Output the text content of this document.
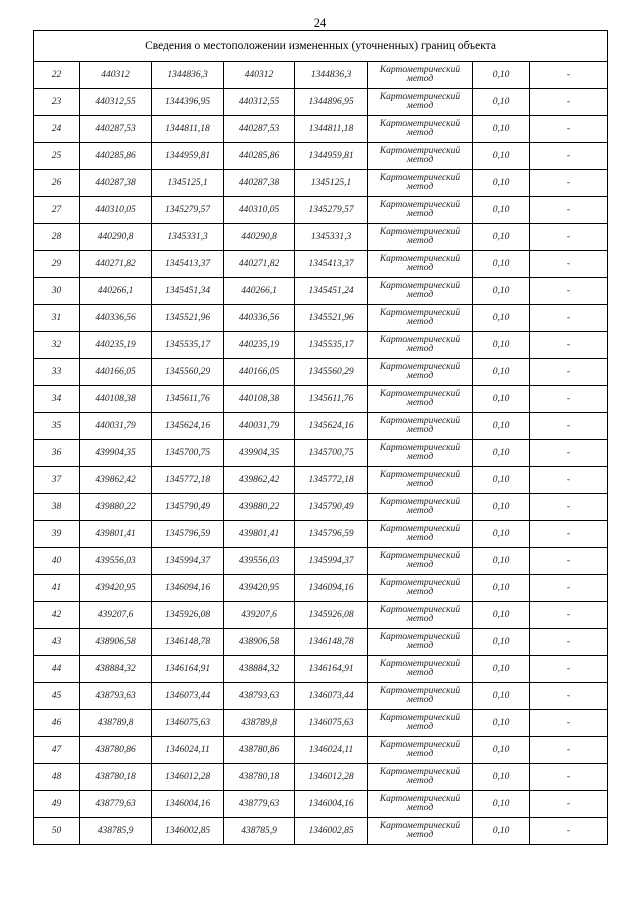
24
Сведения о местоположении измененных (уточненных) границ объекта							
22	440312	1344836,3	440312	1344836,3	Картометрический метод	0,10	-
23	440312,55	1344396,95	440312,55	1344896,95	Картометрический метод	0,10	-
24	440287,53	1344811,18	440287,53	1344811,18	Картометрический метод	0,10	-
25	440285,86	1344959,81	440285,86	1344959,81	Картометрический метод	0,10	-
26	440287,38	1345125,1	440287,38	1345125,1	Картометрический метод	0,10	-
27	440310,05	1345279,57	440310,05	1345279,57	Картометрический метод	0,10	-
28	440290,8	1345331,3	440290,8	1345331,3	Картометрический метод	0,10	-
29	440271,82	1345413,37	440271,82	1345413,37	Картометрический метод	0,10	-
30	440266,1	1345451,34	440266,1	1345451,24	Картометрический метод	0,10	-
31	440336,56	1345521,96	440336,56	1345521,96	Картометрический метод	0,10	-
32	440235,19	1345535,17	440235,19	1345535,17	Картометрический метод	0,10	-
33	440166,05	1345560,29	440166,05	1345560,29	Картометрический метод	0,10	-
34	440108,38	1345611,76	440108,38	1345611,76	Картометрический метод	0,10	-
35	440031,79	1345624,16	440031,79	1345624,16	Картометрический метод	0,10	-
36	439904,35	1345700,75	439904,35	1345700,75	Картометрический метод	0,10	-
37	439862,42	1345772,18	439862,42	1345772,18	Картометрический метод	0,10	-
38	439880,22	1345790,49	439880,22	1345790,49	Картометрический метод	0,10	-
39	439801,41	1345796,59	439801,41	1345796,59	Картометрический метод	0,10	-
40	439556,03	1345994,37	439556,03	1345994,37	Картометрический метод	0,10	-
41	439420,95	1346094,16	439420,95	1346094,16	Картометрический метод	0,10	-
42	439207,6	1345926,08	439207,6	1345926,08	Картометрический метод	0,10	-
43	438906,58	1346148,78	438906,58	1346148,78	Картометрический метод	0,10	-
44	438884,32	1346164,91	438884,32	1346164,91	Картометрический метод	0,10	-
45	438793,63	1346073,44	438793,63	1346073,44	Картометрический метод	0,10	-
46	438789,8	1346075,63	438789,8	1346075,63	Картометрический метод	0,10	-
47	438780,86	1346024,11	438780,86	1346024,11	Картометрический метод	0,10	-
48	438780,18	1346012,28	438780,18	1346012,28	Картометрический метод	0,10	-
49	438779,63	1346004,16	438779,63	1346004,16	Картометрический метод	0,10	-
50	438785,9	1346002,85	438785,9	1346002,85	Картометрический метод	0,10	-
